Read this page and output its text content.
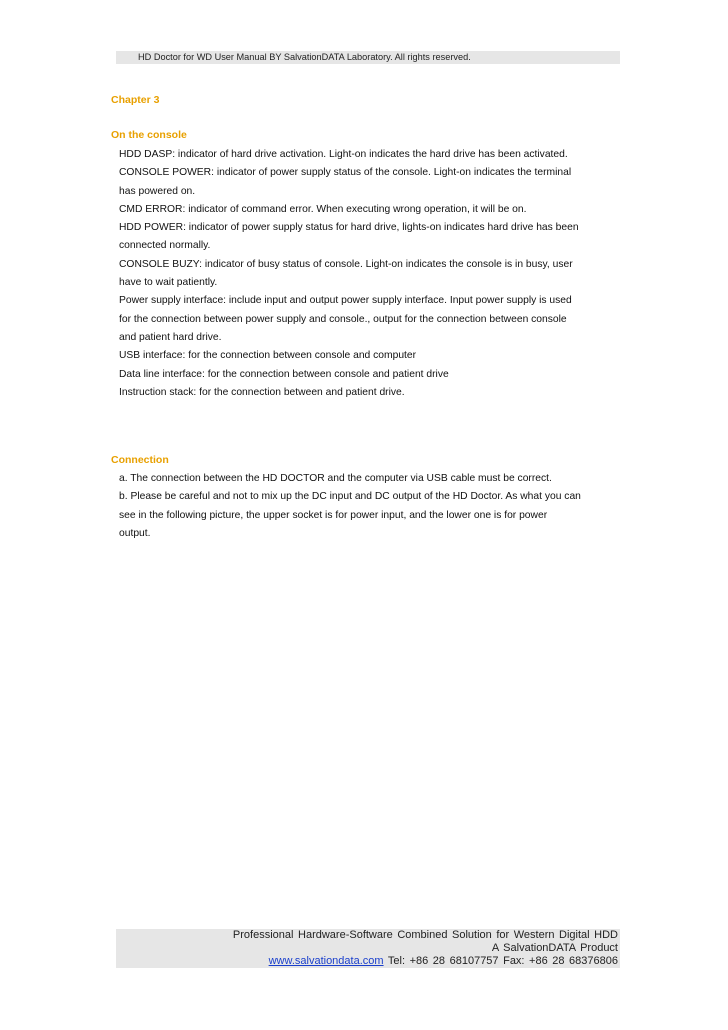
HD Doctor for WD User Manual BY SalvationDATA Laboratory. All rights reserved.
Chapter 3
On the console
HDD DASP: indicator of hard drive activation. Light-on indicates the hard drive has been activated.
CONSOLE POWER: indicator of power supply status of the console. Light-on indicates the terminal
has powered on.
CMD ERROR: indicator of command error. When executing wrong operation, it will be on.
HDD POWER: indicator of power supply status for hard drive, lights-on indicates hard drive has been
connected normally.
CONSOLE BUZY: indicator of busy status of console. Light-on indicates the console is in busy, user
have to wait patiently.
Power supply interface: include input and output power supply interface. Input power supply is used
for the connection between power supply and console., output for the connection between console
and patient hard drive.
USB interface: for the connection between console and computer
Data line interface: for the connection between console and patient drive
Instruction stack: for the connection between and patient drive.
Connection
a. The connection between the HD DOCTOR and the computer via USB cable must be correct.
b. Please be careful and not to mix up the DC input and DC output of the HD Doctor. As what you can
see in the following picture, the upper socket is for power input, and the lower one is for power
output.
Professional Hardware-Software Combined Solution for Western Digital HDD
A SalvationDATA Product
www.salvationdata.com Tel: +86 28 68107757 Fax: +86 28 68376806
